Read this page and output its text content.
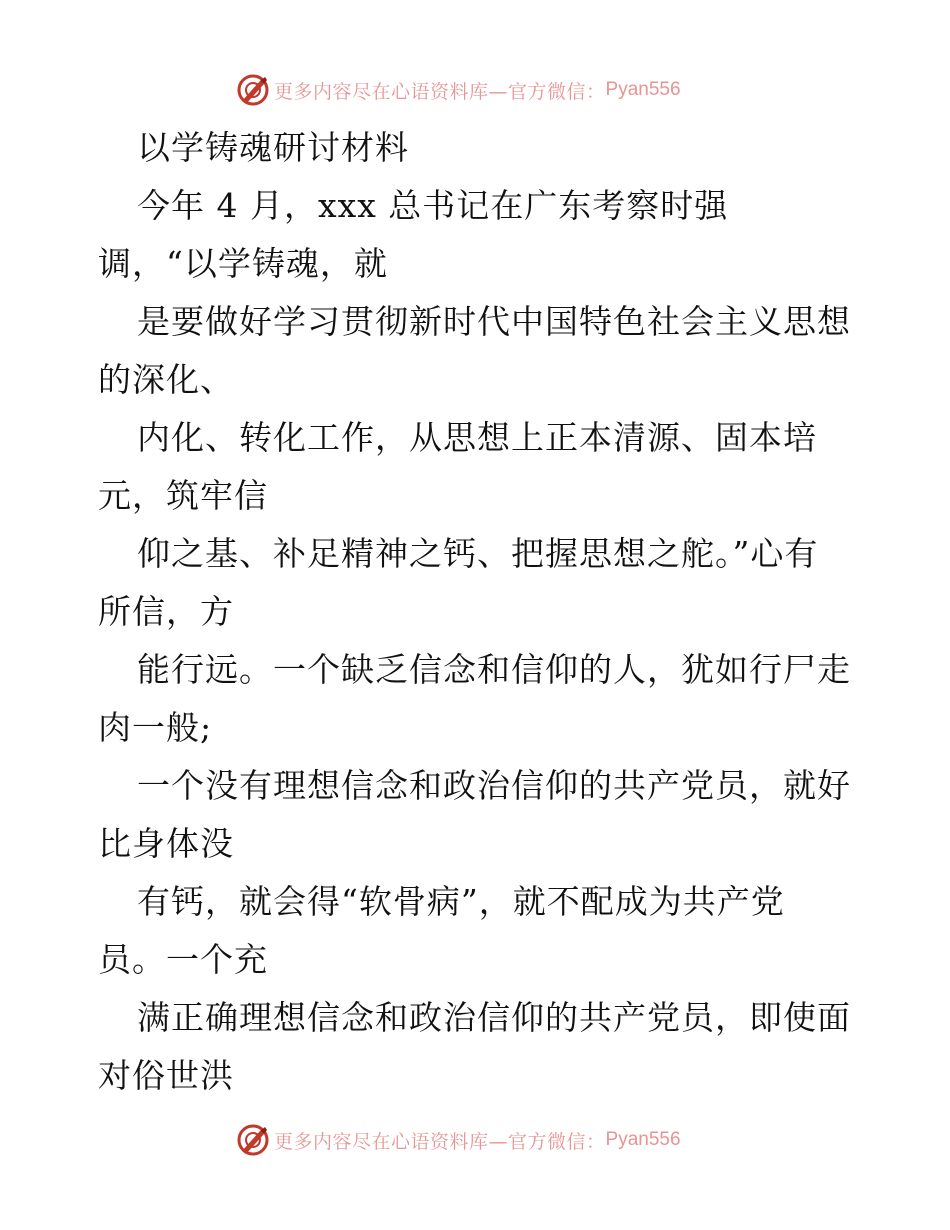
更多内容尽在心语资料库—官方微信： Pyan556
以学铸魂研讨材料
今年 4 月，xxx 总书记在广东考察时强
调，“以学铸魂，就
是要做好学习贯彻新时代中国特色社会主义思想
的深化、
内化、转化工作，从思想上正本清源、固本培
元，筑牢信
仰之基、补足精神之钙、把握思想之舵。”心有
所信，方
能行远。一个缺乏信念和信仰的人，犹如行尸走
肉一般;
一个没有理想信念和政治信仰的共产党员，就好
比身体没
有钙，就会得“软骨病”，就不配成为共产党
员。一个充
满正确理想信念和政治信仰的共产党员，即使面
对俗世洪
更多内容尽在心语资料库—官方微信： Pyan556
